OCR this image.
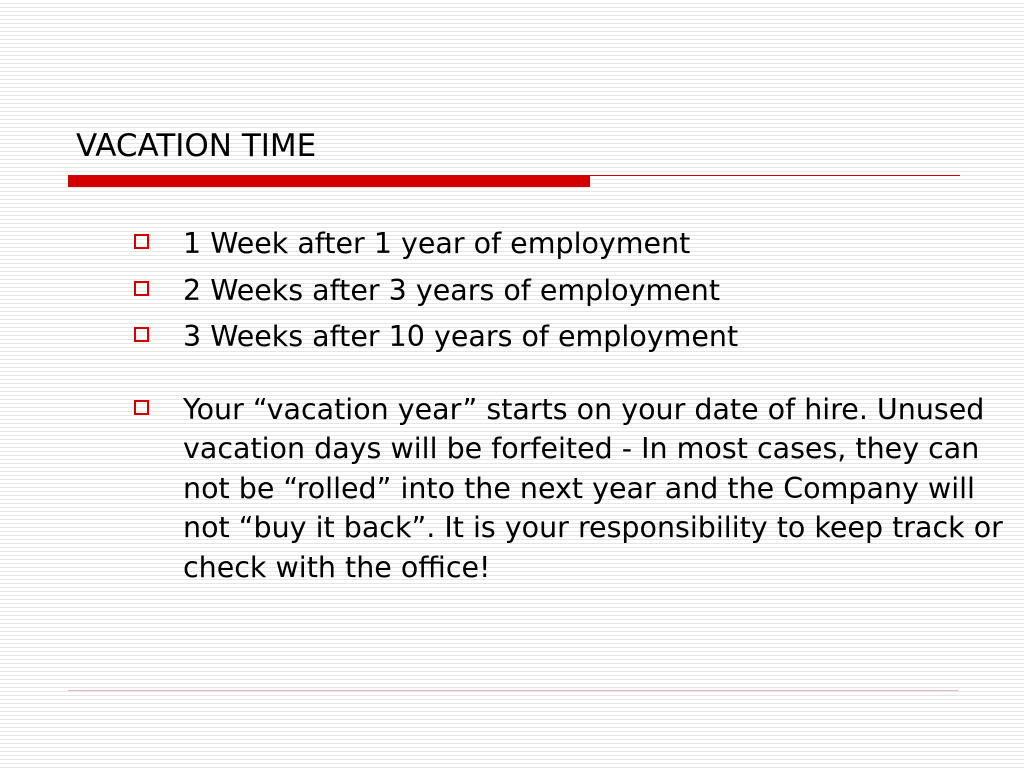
VACATION TIME
1 Week after 1 year of employment
2 Weeks after 3 years of employment
3 Weeks after 10 years of employment
Your “vacation year” starts on your date of hire. Unused vacation days will be forfeited - In most cases, they can not be “rolled” into the next year and the Company will not “buy it back”. It is your responsibility to keep track or check with the office!
